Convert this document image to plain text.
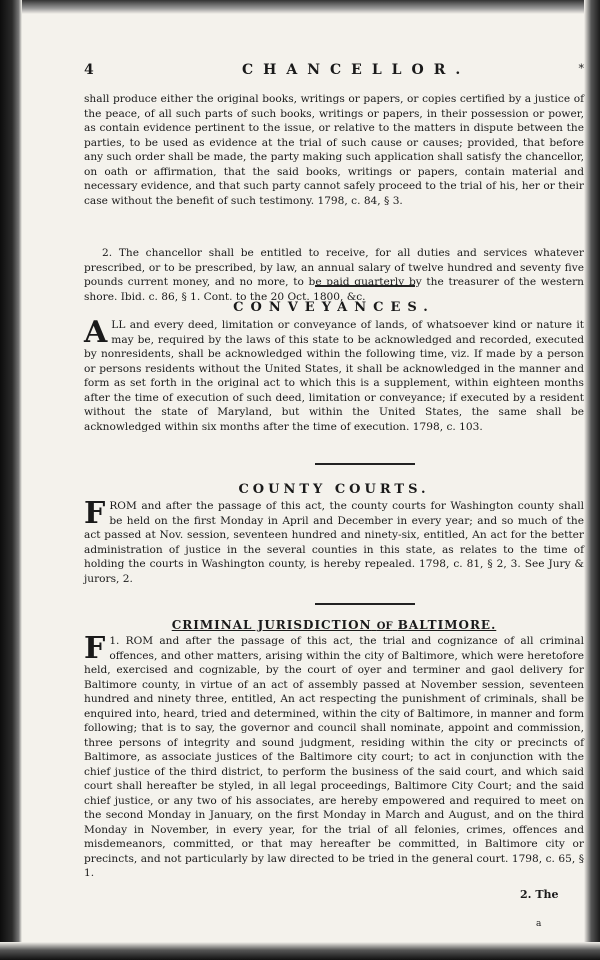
4	CHANCELLOR.	*

shall produce either the original books, writings or papers, or copies certified by a justice of the peace, of all such parts of such books, writings or papers, in their possession or power, as contain evidence pertinent to the issue, or relative to the matters in dispute between the parties, to be used as evidence at the trial of such cause or causes; provided, that before any such order shall be made, the party making such application shall satisfy the chancellor, on oath or affirmation, that the said books, writings or papers, contain material and necessary evidence, and that such party cannot safely proceed to the trial of his, her or their case without the benefit of such testimony. 1798, c. 84, § 3.

2. The chancellor shall be entitled to receive, for all duties and services whatever prescribed, or to be prescribed, by law, an annual salary of twelve hundred and seventy five pounds current money, and no more, to be paid quarterly by the treasurer of the western shore. Ibid. c. 86, § 1. Cont. to the 20 Oct. 1800, &c.

CONVEYANCES.

ALL and every deed, limitation or conveyance of lands, of whatsoever kind or nature it may be, required by the laws of this state to be acknowledged and recorded, executed by nonresidents, shall be acknowledged within the following time, viz. If made by a person or persons residents without the United States, it shall be acknowledged in the manner and form as set forth in the original act to which this is a supplement, within eighteen months after the time of execution of such deed, limitation or conveyance; if executed by a resident without the state of Maryland, but within the United States, the same shall be acknowledged within six months after the time of execution. 1798, c. 103.

COUNTY COURTS.

FROM and after the passage of this act, the county courts for Washington county shall be held on the first Monday in April and December in every year; and so much of the act passed at Nov. session, seventeen hundred and ninety-six, entitled, An act for the better administration of justice in the several counties in this state, as relates to the time of holding the courts in Washington county, is hereby repealed. 1798, c. 81, § 2, 3. See Jury & jurors, 2.

CRIMINAL JURISDICTION OF BALTIMORE.

1.
F ROM and after the passage of this act, the trial and cognizance of all criminal offences, and other matters, arising within the city of Baltimore, which were heretofore held, exercised and cognizable, by the court of oyer and terminer and gaol delivery for Baltimore county, in virtue of an act of assembly passed at November session, seventeen hundred and ninety three, entitled, An act respecting the punishment of criminals, shall be enquired into, heard, tried and determined, within the city of Baltimore, in manner and form following; that is to say, the governor and council shall nominate, appoint and commission, three persons of integrity and sound judgment, residing within the city or precincts of Baltimore, as associate justices of the Baltimore city court; to act in conjunction with the chief justice of the third district, to perform the business of the said court, and which said court shall hereafter be styled, in all legal proceedings, Baltimore City Court; and the said chief justice, or any two of his associates, are hereby empowered and required to meet on the second Monday in January, on the first Monday in March and August, and on the third Monday in November, in every year, for the trial of all felonies, crimes, offences and misdemeanors, committed, or that may hereafter be committed, in Baltimore city or precincts, and not particularly by law directed to be tried in the general court. 1798, c. 65, § 1.

2. The
a
